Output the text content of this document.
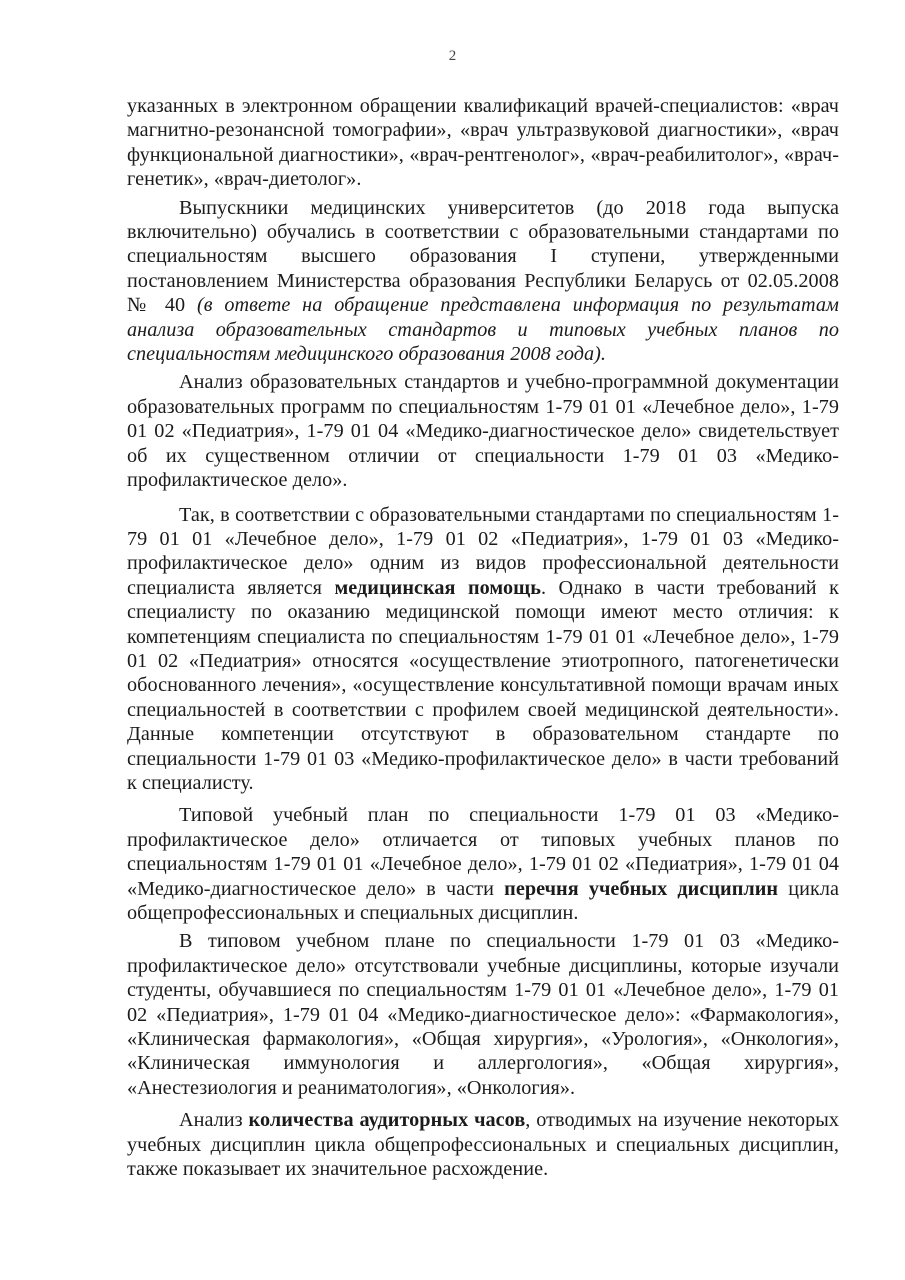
2

указанных в электронном обращении квалификаций врачей-специалистов: «врач магнитно-резонансной томографии», «врач ультразвуковой диагностики», «врач функциональной диагностики», «врач-рентгенолог», «врач-реабилитолог», «врач-генетик», «врач-диетолог».

Выпускники медицинских университетов (до 2018 года выпуска включительно) обучались в соответствии с образовательными стандартами по специальностям высшего образования I ступени, утвержденными постановлением Министерства образования Республики Беларусь от 02.05.2008 № 40 (в ответе на обращение представлена информация по результатам анализа образовательных стандартов и типовых учебных планов по специальностям медицинского образования 2008 года).

Анализ образовательных стандартов и учебно-программной документации образовательных программ по специальностям 1-79 01 01 «Лечебное дело», 1-79 01 02 «Педиатрия», 1-79 01 04 «Медико-диагностическое дело» свидетельствует об их существенном отличии от специальности 1-79 01 03 «Медико-профилактическое дело».

Так, в соответствии с образовательными стандартами по специальностям 1-79 01 01 «Лечебное дело», 1-79 01 02 «Педиатрия», 1-79 01 03 «Медико-профилактическое дело» одним из видов профессиональной деятельности специалиста является медицинская помощь. Однако в части требований к специалисту по оказанию медицинской помощи имеют место отличия: к компетенциям специалиста по специальностям 1-79 01 01 «Лечебное дело», 1-79 01 02 «Педиатрия» относятся «осуществление этиотропного, патогенетически обоснованного лечения», «осуществление консультативной помощи врачам иных специальностей в соответствии с профилем своей медицинской деятельности». Данные компетенции отсутствуют в образовательном стандарте по специальности 1-79 01 03 «Медико-профилактическое дело» в части требований к специалисту.

Типовой учебный план по специальности 1-79 01 03 «Медико-профилактическое дело» отличается от типовых учебных планов по специальностям 1-79 01 01 «Лечебное дело», 1-79 01 02 «Педиатрия», 1-79 01 04 «Медико-диагностическое дело» в части перечня учебных дисциплин цикла общепрофессиональных и специальных дисциплин.

В типовом учебном плане по специальности 1-79 01 03 «Медико-профилактическое дело» отсутствовали учебные дисциплины, которые изучали студенты, обучавшиеся по специальностям 1-79 01 01 «Лечебное дело», 1-79 01 02 «Педиатрия», 1-79 01 04 «Медико-диагностическое дело»: «Фармакология», «Клиническая фармакология», «Общая хирургия», «Урология», «Онкология», «Клиническая иммунология и аллергология», «Общая хирургия», «Анестезиология и реаниматология», «Онкология».

Анализ количества аудиторных часов, отводимых на изучение некоторых учебных дисциплин цикла общепрофессиональных и специальных дисциплин, также показывает их значительное расхождение.
